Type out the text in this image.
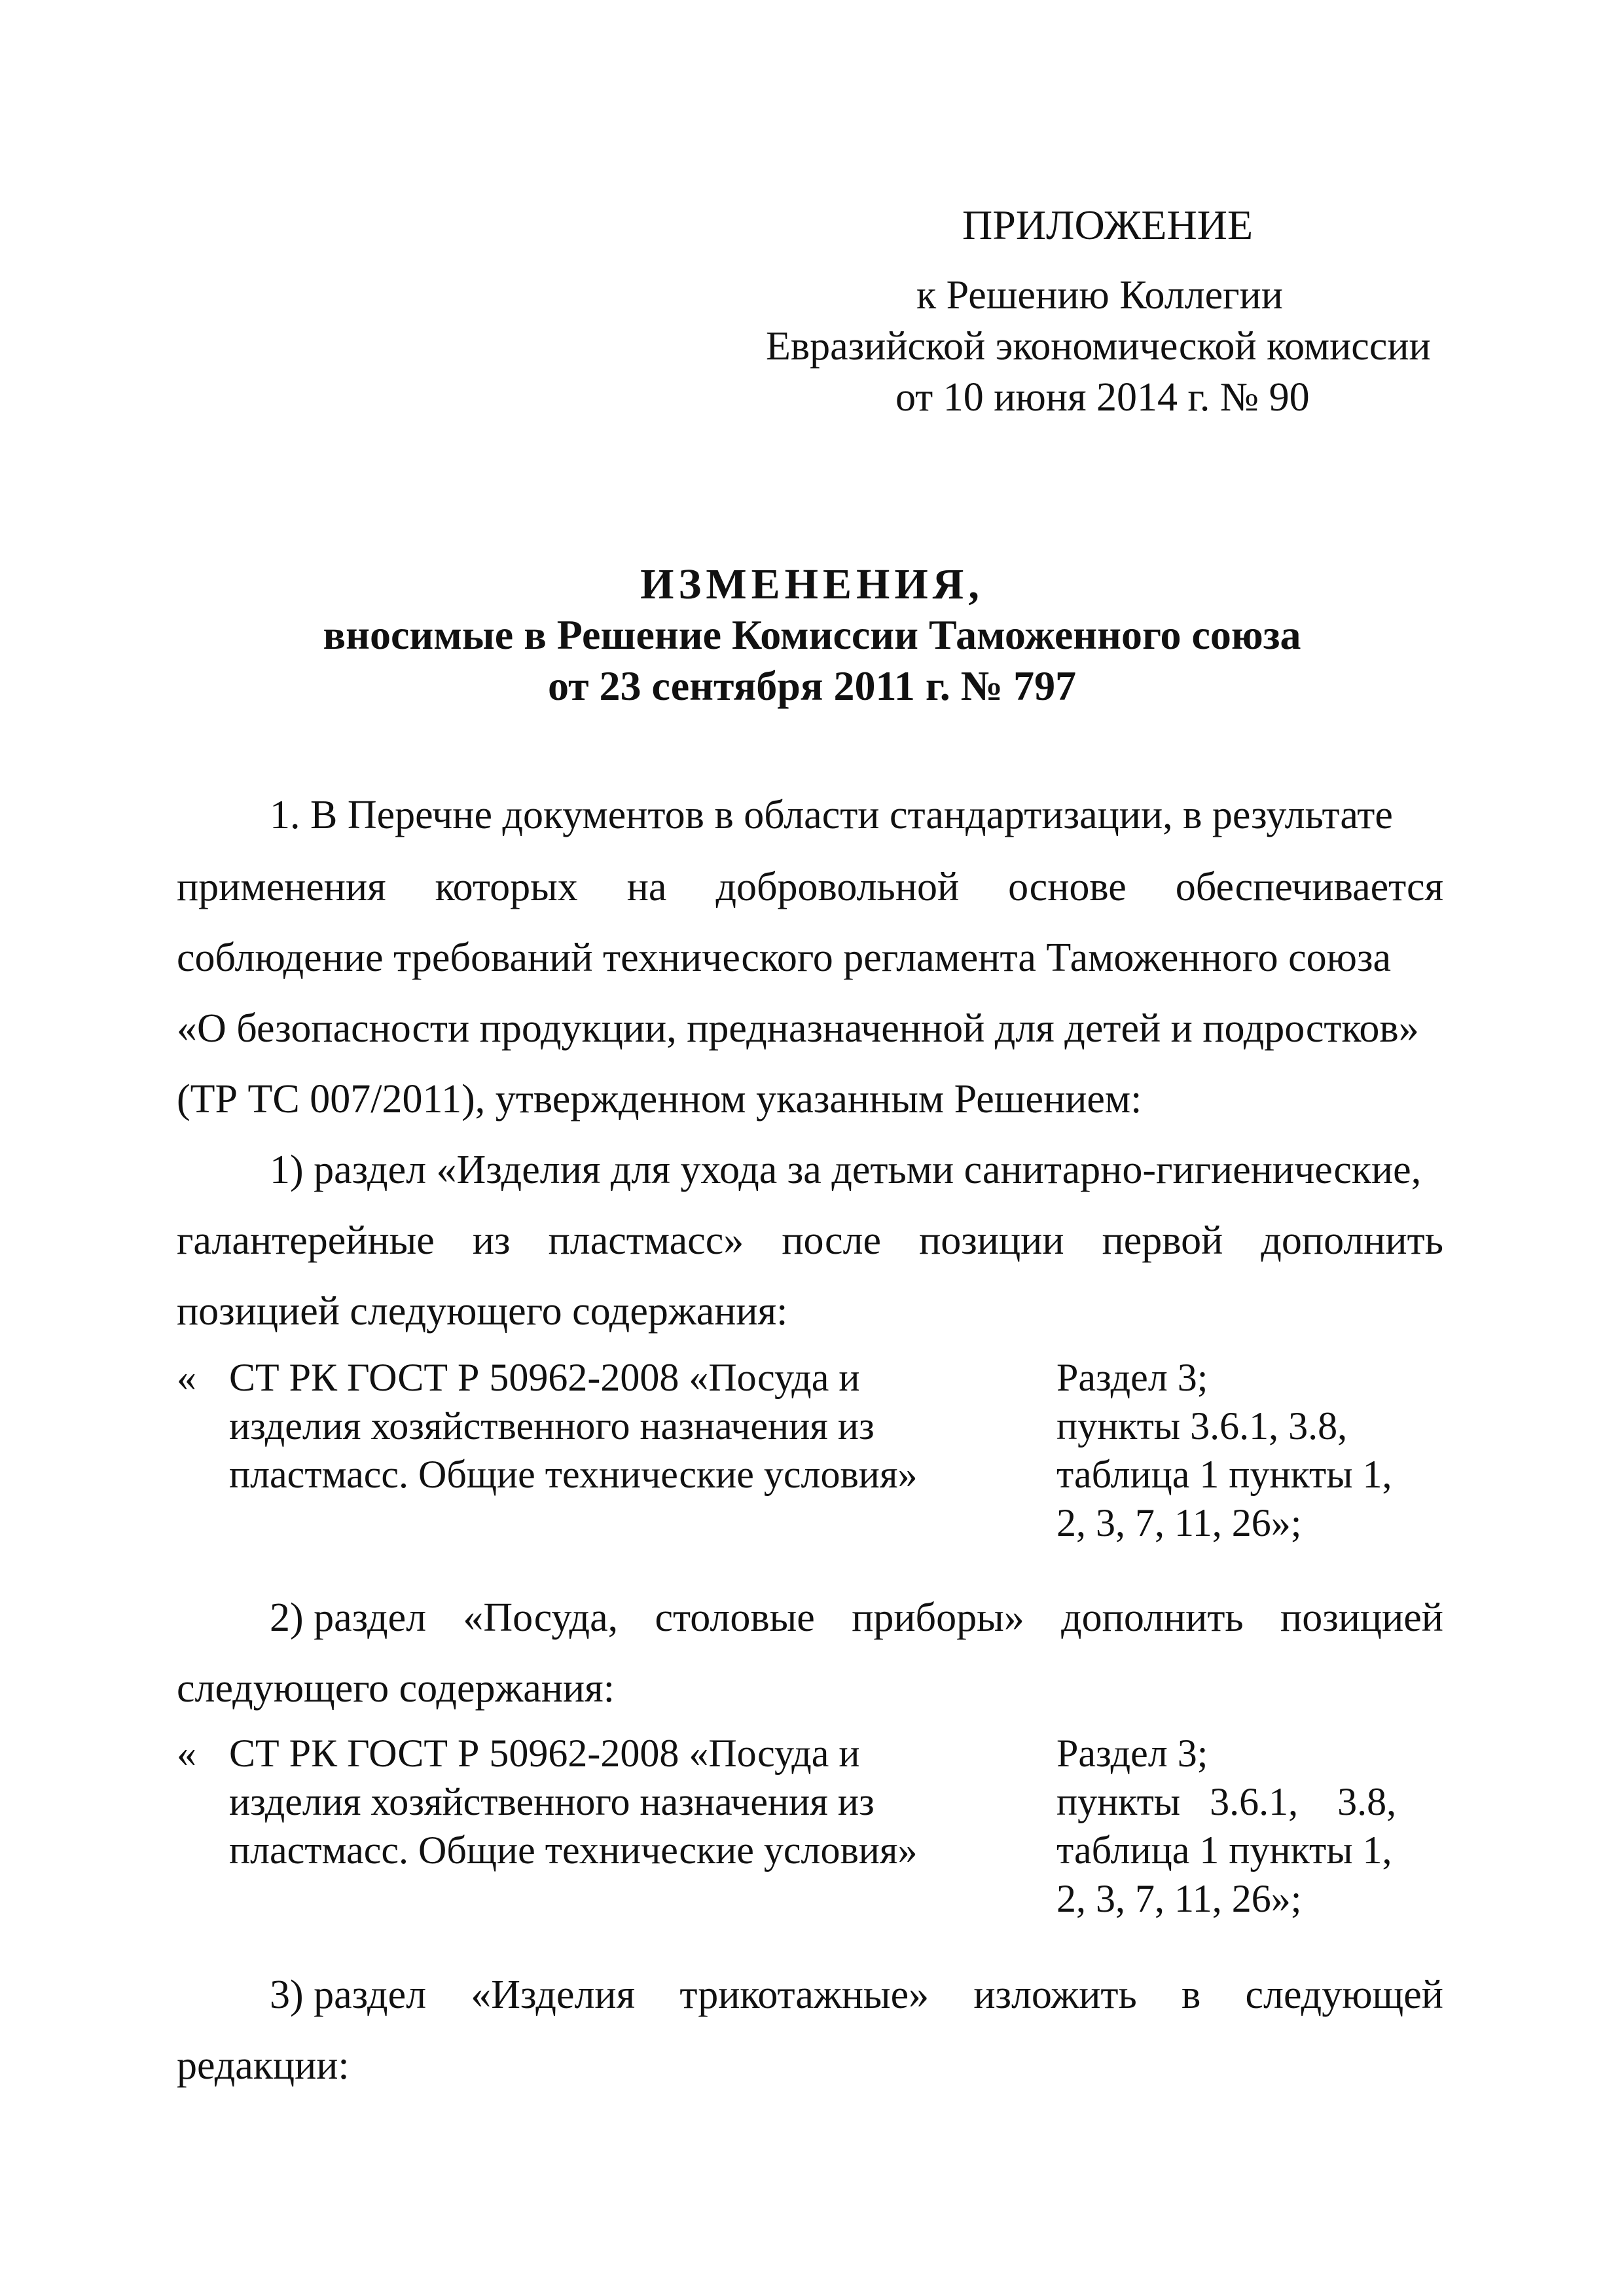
ПРИЛОЖЕНИЕ
к Решению Коллегии
Евразийской экономической комиссии
от 10 июня 2014 г. № 90
ИЗМЕНЕНИЯ,
вносимые в Решение Комиссии Таможенного союза
от 23 сентября 2011 г. № 797
1. В Перечне документов в области стандартизации, в результате
применения которых на добровольной основе обеспечивается
соблюдение требований технического регламента Таможенного союза
«О безопасности продукции, предназначенной для детей и подростков»
(ТР ТС 007/2011), утвержденном указанным Решением:
1) раздел «Изделия для ухода за детьми санитарно-гигиенические,
галантерейные из пластмасс» после позиции первой дополнить
позицией следующего содержания:
« СТ РК ГОСТ Р 50962-2008 «Посуда и
изделия хозяйственного назначения из
пластмасс. Общие технические условия»
Раздел 3;
пункты 3.6.1, 3.8,
таблица 1 пункты 1,
2, 3, 7, 11, 26»;
2) раздел «Посуда, столовые приборы» дополнить позицией
следующего содержания:
« СТ РК ГОСТ Р 50962-2008 «Посуда и
изделия хозяйственного назначения из
пластмасс. Общие технические условия»
Раздел 3;
пункты   3.6.1,    3.8,
таблица 1 пункты 1,
2, 3, 7, 11, 26»;
3) раздел «Изделия трикотажные» изложить в следующей
редакции:
